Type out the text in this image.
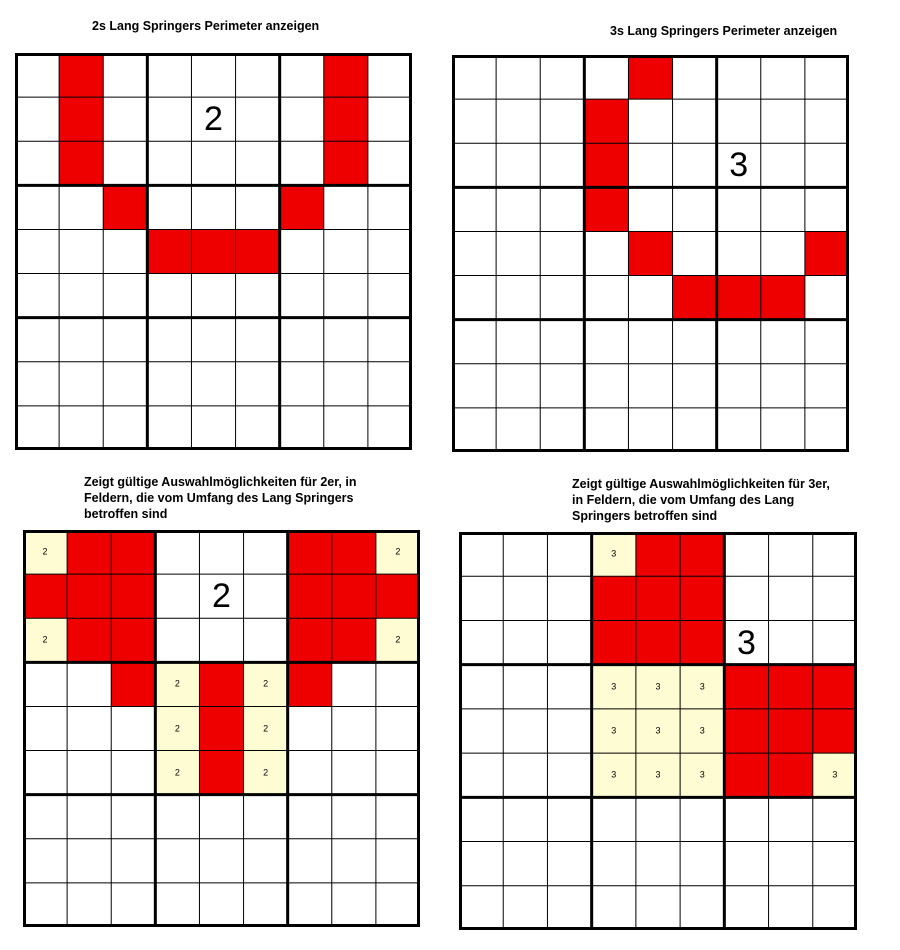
2s Lang Springers Perimeter anzeigen	3s Lang Springers Perimeter anzeigen
Zeigt gültige Auswahlmöglichkeiten für 2er, in
Feldern, die vom Umfang des Lang Springers
betroffen sind
Zeigt gültige Auswahlmöglichkeiten für 3er,
in Feldern, die vom Umfang des Lang
Springers betroffen sind
2
3
2
2
2
2
2
2	2
2	2
2	2
3
3
3	3	3
3	3	3
3	3	3	3
